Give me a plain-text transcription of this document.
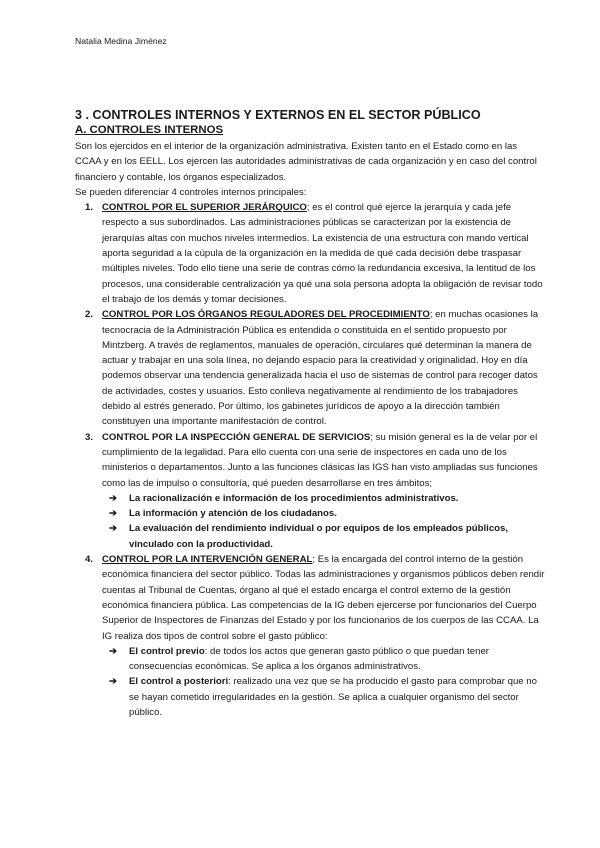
Natalia Medina Jiménez
3 . CONTROLES INTERNOS Y EXTERNOS EN EL SECTOR PÚBLICO
A. CONTROLES INTERNOS

Son los ejercidos en el interior de la organización administrativa. Existen tanto en el Estado como en las CCAA y en los EELL. Los ejercen las autoridades administrativas de cada organización y en caso del control financiero y contable, los órganos especializados.

Se pueden diferenciar 4 controles internos principales:

1. CONTROL POR EL SUPERIOR JERÁRQUICO; es el control qué ejerce la jerarquía y cada jefe respecto a sus subordinados. Las administraciones públicas se caracterizan por la existencia de jerarquías altas con muchos niveles intermedios. La existencia de una estructura con mando vertical aporta seguridad a la cúpula de la organización en la medida de qué cada decisión debe traspasar múltiples niveles. Todo ello tiene una serie de contras cómo la redundancia excesiva, la lentitud de los procesos, una considerable centralización ya qué una sola persona adopta la obligación de revisar todo el trabajo de los demás y tomar decisiones.
2. CONTROL POR LOS ÓRGANOS REGULADORES DEL PROCEDIMIENTO; en muchas ocasiones la tecnocracia de la Administración Pública es entendida o constituida en el sentido propuesto por Mintzberg. A través de reglamentos, manuales de operación, circulares qué determinan la manera de actuar y trabajar en una sola línea, no dejando espacio para la creatividad y originalidad. Hoy en día podemos observar una tendencia generalizada hacia el uso de sistemas de control para recoger datos de actividades, costes y usuarios. Esto conlleva negativamente al rendimiento de los trabajadores debido al estrés generado. Por último, los gabinetes jurídicos de apoyo a la dirección también constituyen una importante manifestación de control.
3. CONTROL POR LA INSPECCIÓN GENERAL DE SERVICIOS; su misión general es la de velar por el cumplimiento de la legalidad. Para ello cuenta con una serie de inspectores en cada uno de los ministerios o departamentos. Junto a las funciones clásicas las IGS han visto ampliadas sus funciones como las de impulso o consultoría, qué pueden desarrollarse en tres ámbitos;
➔ La racionalización e información de los procedimientos administrativos.
➔ La información y atención de los ciudadanos.
➔ La evaluación del rendimiento individual o por equipos de los empleados públicos, vinculado con la productividad.
4. CONTROL POR LA INTERVENCIÓN GENERAL; Es la encargada del control interno de la gestión económica financiera del sector público. Todas las administraciones y organismos públicos deben rendir cuentas al Tribunal de Cuentas, órgano al qué el estado encarga el control externo de la gestión económica financiera pública. Las competencias de la IG deben ejercerse por funcionarios del Cuerpo Superior de Inspectores de Finanzas del Estado y por los funcionarios de los cuerpos de las CCAA. La IG realiza dos tipos de control sobre el gasto público:
➔ El control previo: de todos los actos que generan gasto público o que puedan tener consecuencias económicas. Se aplica a los órganos administrativos.
➔ El control a posteriori: realizado una vez que se ha producido el gasto para comprobar que no se hayan cometido irregularidades en la gestión. Se aplica a cualquier organismo del sector público.
